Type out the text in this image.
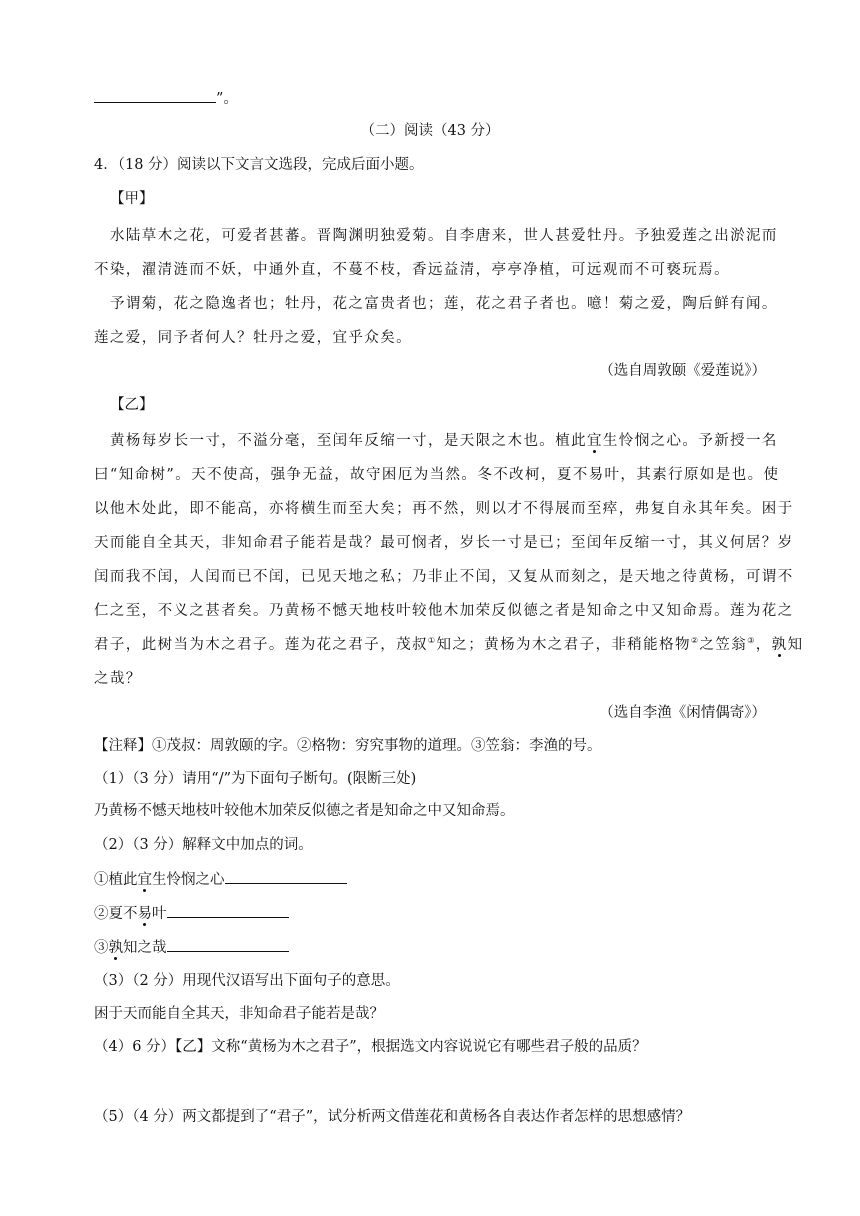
”。
（二）阅读（43 分）
4．（18 分）阅读以下文言文选段，完成后面小题。
【甲】
水陆草木之花，可爱者甚蕃。晋陶渊明独爱菊。自李唐来，世人甚爱牡丹。予独爱莲之出淤泥而
不染，濯清涟而不妖，中通外直，不蔓不枝，香远益清，亭亭净植，可远观而不可亵玩焉。
予谓菊，花之隐逸者也；牡丹，花之富贵者也；莲，花之君子者也。噫！菊之爱，陶后鲜有闻。
莲之爱，同予者何人？牡丹之爱，宜乎众矣。
（选自周敦颐《爱莲说》）
【乙】
黄杨每岁长一寸，不溢分毫，至闰年反缩一寸，是天限之木也。植此宜生怜悯之心。予新授一名
曰“知命树”。天不使高，强争无益，故守困厄为当然。冬不改柯，夏不易叶，其素行原如是也。使
以他木处此，即不能高，亦将横生而至大矣；再不然，则以才不得展而至瘁，弗复自永其年矣。困于
天而能自全其天，非知命君子能若是哉？最可悯者，岁长一寸是已；至闰年反缩一寸，其义何居？岁
闰而我不闰，人闰而已不闰，已见天地之私；乃非止不闰，又复从而刻之，是天地之待黄杨，可谓不
仁之至，不义之甚者矣。乃黄杨不憾天地枝叶较他木加荣反似德之者是知命之中又知命焉。莲为花之
君子，此树当为木之君子。莲为花之君子，茂叔①知之；黄杨为木之君子，非稍能格物②之笠翁③，孰知
之哉？
（选自李渔《闲情偶寄》）
【注释】①茂叔：周敦颐的字。②格物：穷究事物的道理。③笠翁：李渔的号。
（1）（3 分）请用“/”为下面句子断句。(限断三处)
乃黄杨不憾天地枝叶较他木加荣反似德之者是知命之中又知命焉。
（2）（3 分）解释文中加点的词。
①植此宜生怜悯之心
②夏不易叶
③孰知之哉
（3）（2 分）用现代汉语写出下面句子的意思。
困于天而能自全其天，非知命君子能若是哉？
（4）6 分）【乙】文称“黄杨为木之君子”，根据选文内容说说它有哪些君子般的品质？
（5）（4 分）两文都提到了“君子”，试分析两文借莲花和黄杨各自表达作者怎样的思想感情？
